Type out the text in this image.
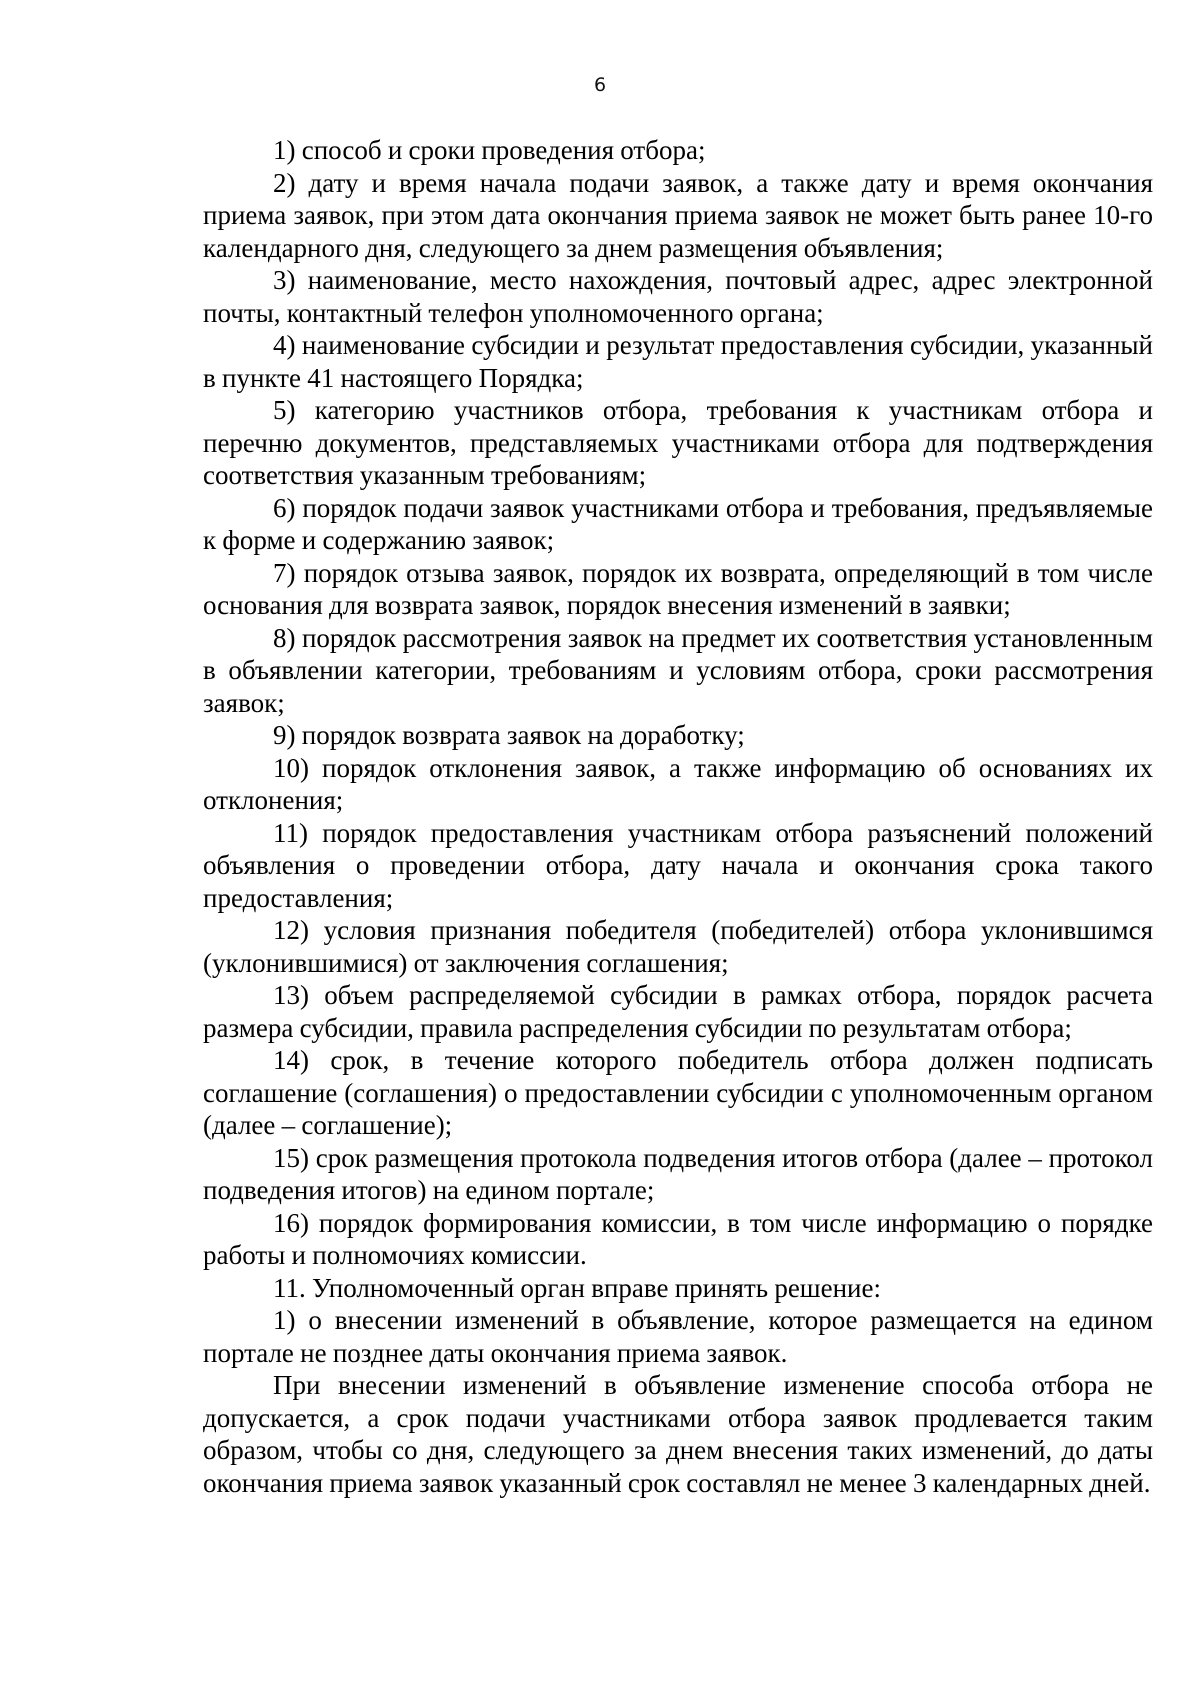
6

1) способ и сроки проведения отбора;

2) дату и время начала подачи заявок, а также дату и время окончания приема заявок, при этом дата окончания приема заявок не может быть ранее 10-го календарного дня, следующего за днем размещения объявления;

3) наименование, место нахождения, почтовый адрес, адрес электронной почты, контактный телефон уполномоченного органа;

4) наименование субсидии и результат предоставления субсидии, указанный в пункте 41 настоящего Порядка;

5) категорию участников отбора, требования к участникам отбора и перечню документов, представляемых участниками отбора для подтверждения соответствия указанным требованиям;

6) порядок подачи заявок участниками отбора и требования, предъявляемые к форме и содержанию заявок;

7) порядок отзыва заявок, порядок их возврата, определяющий в том числе основания для возврата заявок, порядок внесения изменений в заявки;

8) порядок рассмотрения заявок на предмет их соответствия установленным в объявлении категории, требованиям и условиям отбора, сроки рассмотрения заявок;

9) порядок возврата заявок на доработку;

10) порядок отклонения заявок, а также информацию об основаниях их отклонения;

11) порядок предоставления участникам отбора разъяснений положений объявления о проведении отбора, дату начала и окончания срока такого предоставления;

12) условия признания победителя (победителей) отбора уклонившимся (уклонившимися) от заключения соглашения;

13) объем распределяемой субсидии в рамках отбора, порядок расчета размера субсидии, правила распределения субсидии по результатам отбора;

14) срок, в течение которого победитель отбора должен подписать соглашение (соглашения) о предоставлении субсидии с уполномоченным органом (далее – соглашение);

15) срок размещения протокола подведения итогов отбора (далее – протокол подведения итогов) на едином портале;

16) порядок формирования комиссии, в том числе информацию о порядке работы и полномочиях комиссии.

11. Уполномоченный орган вправе принять решение:

1) о внесении изменений в объявление, которое размещается на едином портале не позднее даты окончания приема заявок.

При внесении изменений в объявление изменение способа отбора не допускается, а срок подачи участниками отбора заявок продлевается таким образом, чтобы со дня, следующего за днем внесения таких изменений, до даты окончания приема заявок указанный срок составлял не менее 3 календарных дней.
